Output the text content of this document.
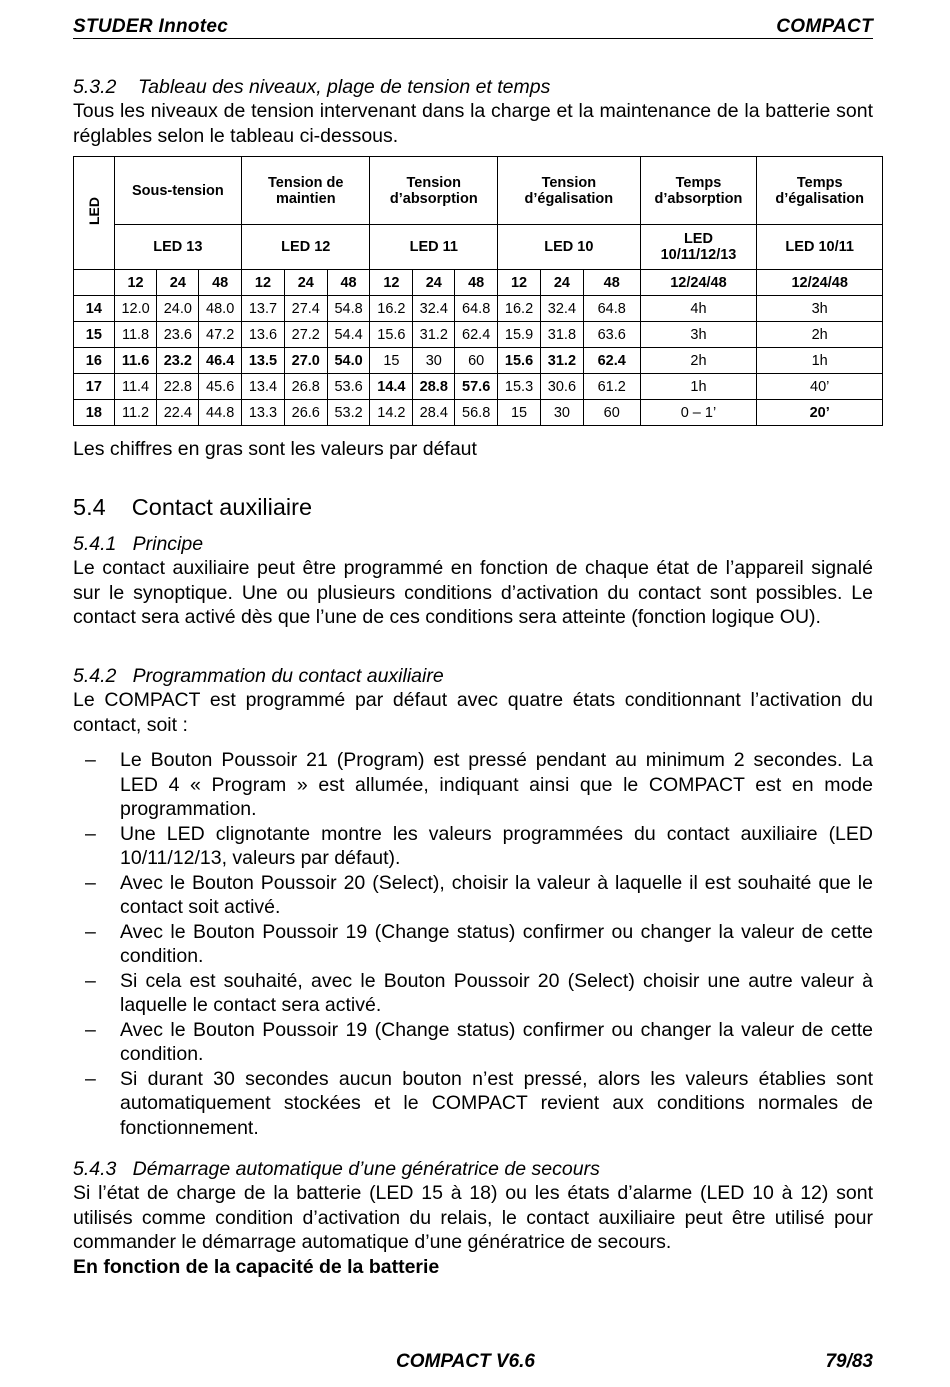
STUDER Innotec	COMPACT
5.3.2    Tableau des niveaux, plage de tension et temps
Tous les niveaux de tension intervenant dans la charge et la maintenance de la batterie sont réglables selon le tableau ci-dessous.
LED	Sous-tension			Tension de maintien			Tension d’absorption			Tension d’égalisation			Temps d’absorption	Temps d’égalisation
	LED 13			LED 12			LED 11			LED 10			LED 10/11/12/13	LED 10/11
	12	24	48	12	24	48	12	24	48	12	24	48	12/24/48	12/24/48
14	12.0	24.0	48.0	13.7	27.4	54.8	16.2	32.4	64.8	16.2	32.4	64.8	4h	3h
15	11.8	23.6	47.2	13.6	27.2	54.4	15.6	31.2	62.4	15.9	31.8	63.6	3h	2h
16	11.6	23.2	46.4	13.5	27.0	54.0	15	30	60	15.6	31.2	62.4	2h	1h
17	11.4	22.8	45.6	13.4	26.8	53.6	14.4	28.8	57.6	15.3	30.6	61.2	1h	40’
18	11.2	22.4	44.8	13.3	26.6	53.2	14.2	28.4	56.8	15	30	60	0 – 1’	20’
Les chiffres en gras sont les valeurs par défaut
5.4    Contact auxiliaire
5.4.1   Principe
Le contact auxiliaire peut être programmé en fonction de chaque état de l’appareil signalé sur le synoptique. Une ou plusieurs conditions d’activation du contact sont possibles. Le contact sera activé dès que l’une de ces conditions sera atteinte (fonction logique OU).
5.4.2   Programmation du contact auxiliaire
Le COMPACT est programmé par défaut avec quatre états conditionnant l’activation du contact, soit :
– Le Bouton Poussoir 21 (Program) est pressé pendant au minimum 2 secondes. La LED 4 « Program » est allumée, indiquant ainsi que le COMPACT est en mode programmation.
– Une LED clignotante montre les valeurs programmées du contact auxiliaire (LED 10/11/12/13, valeurs par défaut).
– Avec le Bouton Poussoir 20 (Select), choisir la valeur à laquelle il est souhaité que le contact soit activé.
– Avec le Bouton Poussoir 19 (Change status) confirmer ou changer la valeur de cette condition.
– Si cela est souhaité, avec le Bouton Poussoir 20 (Select) choisir une autre valeur à laquelle le contact sera activé.
– Avec le Bouton Poussoir 19 (Change status) confirmer ou changer la valeur de cette condition.
– Si durant 30 secondes aucun bouton n’est pressé, alors les valeurs établies sont automatiquement stockées et le COMPACT revient aux conditions normales de fonctionnement.
5.4.3   Démarrage automatique d’une génératrice de secours
Si l’état de charge de la batterie (LED 15 à 18) ou les états d’alarme (LED 10 à 12) sont utilisés comme condition d’activation du relais, le contact auxiliaire peut être utilisé pour commander le démarrage automatique d’une génératrice de secours.
En fonction de la capacité de la batterie
COMPACT V6.6	79/83
